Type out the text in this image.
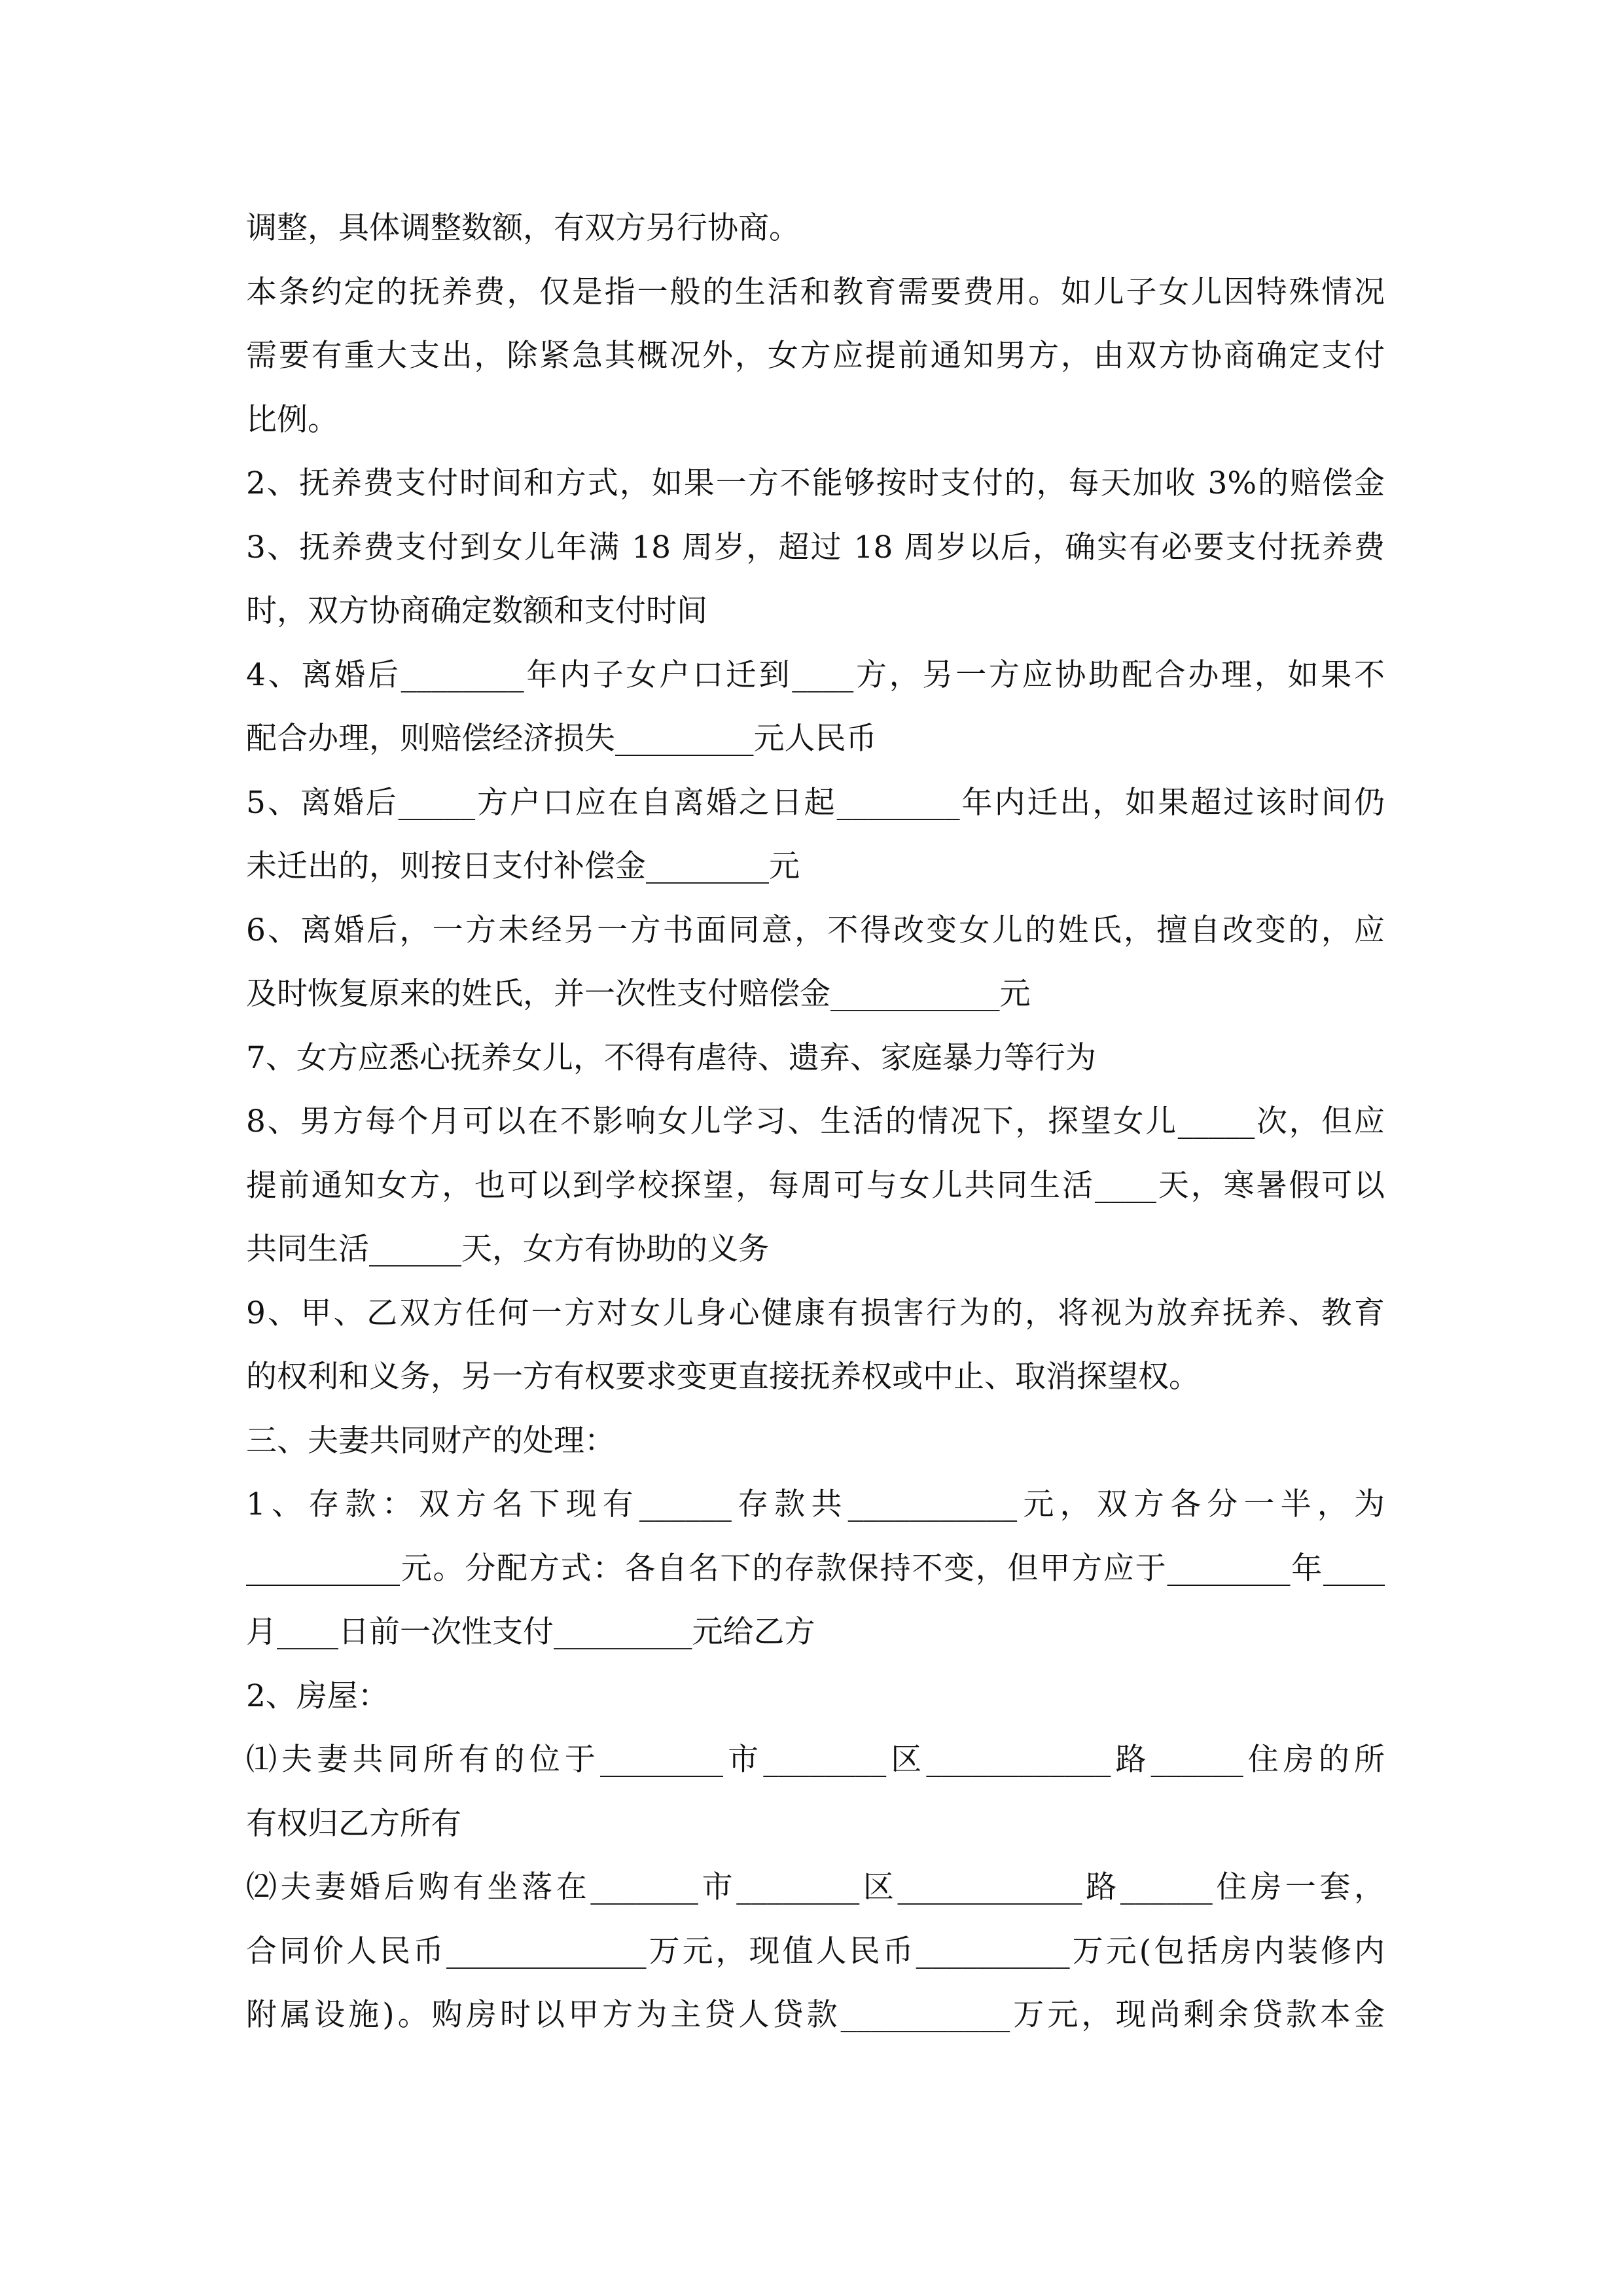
调整，具体调整数额，有双方另行协商。
本条约定的抚养费，仅是指一般的生活和教育需要费用。如儿子女儿因特殊情况
需要有重大支出，除紧急其概况外，女方应提前通知男方，由双方协商确定支付
比例。
2、抚养费支付时间和方式，如果一方不能够按时支付的，每天加收 3%的赔偿金
3、抚养费支付到女儿年满 18 周岁，超过 18 周岁以后，确实有必要支付抚养费
时，双方协商确定数额和支付时间
4、离婚后________年内子女户口迁到____方，另一方应协助配合办理，如果不
配合办理，则赔偿经济损失_________元人民币
5、离婚后_____方户口应在自离婚之日起________年内迁出，如果超过该时间仍
未迁出的，则按日支付补偿金________元
6、离婚后，一方未经另一方书面同意，不得改变女儿的姓氏，擅自改变的，应
及时恢复原来的姓氏，并一次性支付赔偿金___________元
7、女方应悉心抚养女儿，不得有虐待、遗弃、家庭暴力等行为
8、男方每个月可以在不影响女儿学习、生活的情况下，探望女儿_____次，但应
提前通知女方，也可以到学校探望，每周可与女儿共同生活____天，寒暑假可以
共同生活______天，女方有协助的义务
9、甲、乙双方任何一方对女儿身心健康有损害行为的，将视为放弃抚养、教育
的权利和义务，另一方有权要求变更直接抚养权或中止、取消探望权。
三、夫妻共同财产的处理：
1、存款：双方名下现有______存款共___________元，双方各分一半，为
__________元。分配方式：各自名下的存款保持不变，但甲方应于________年____
月____日前一次性支付_________元给乙方
2、房屋：
⑴夫妻共同所有的位于________市________区____________路______住房的所
有权归乙方所有
⑵夫妻婚后购有坐落在_______市________区____________路______住房一套，
合同价人民币_____________万元，现值人民币__________万元(包括房内装修内
附属设施)。购房时以甲方为主贷人贷款___________万元，现尚剩余贷款本金
